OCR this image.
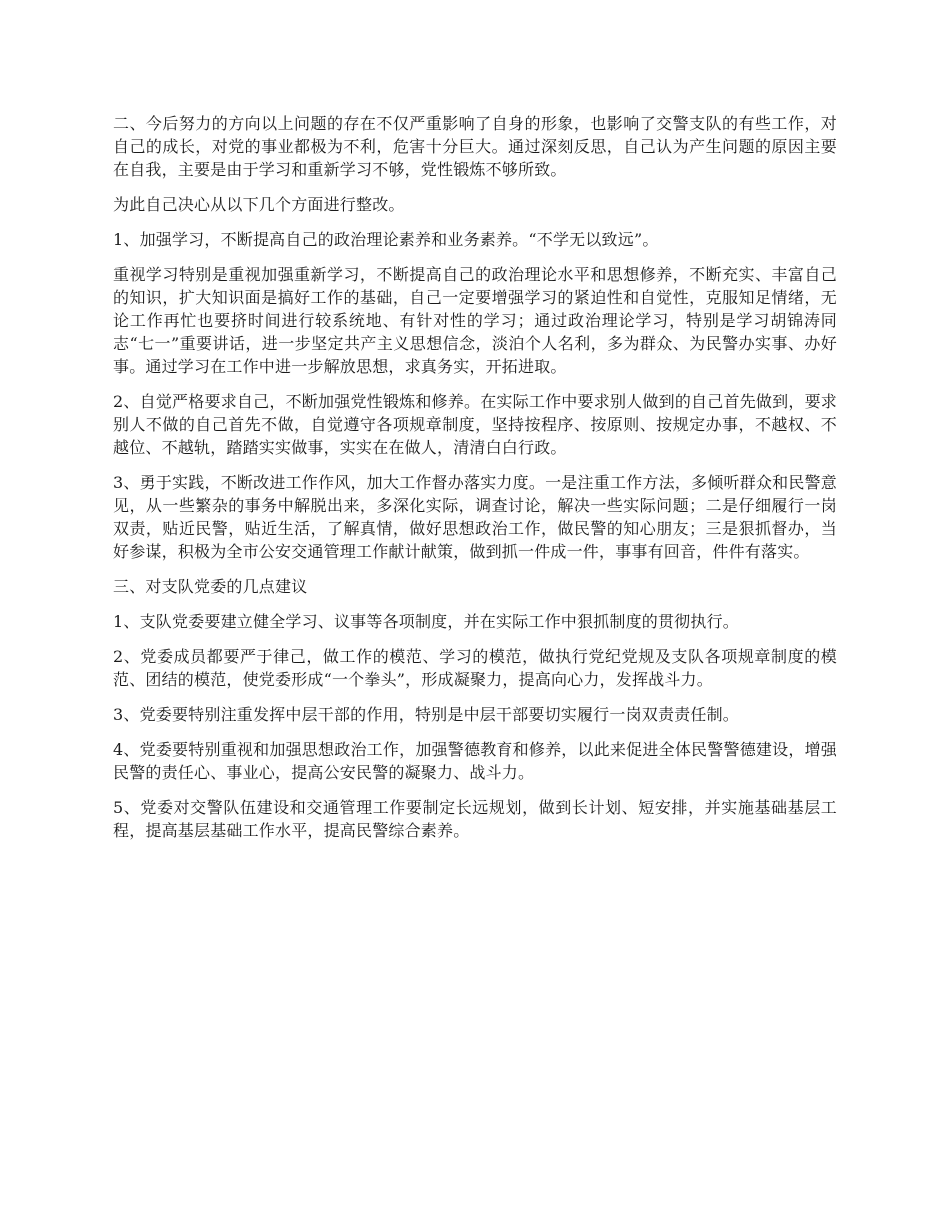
二、今后努力的方向以上问题的存在不仅严重影响了自身的形象，也影响了交警支队的有些工作，对自己的成长，对党的事业都极为不利，危害十分巨大。通过深刻反思，自己认为产生问题的原因主要在自我，主要是由于学习和重新学习不够，党性锻炼不够所致。

为此自己决心从以下几个方面进行整改。

1、加强学习，不断提高自己的政治理论素养和业务素养。“不学无以致远”。

重视学习特别是重视加强重新学习，不断提高自己的政治理论水平和思想修养，不断充实、丰富自己的知识，扩大知识面是搞好工作的基础，自己一定要增强学习的紧迫性和自觉性，克服知足情绪，无论工作再忙也要挤时间进行较系统地、有针对性的学习；通过政治理论学习，特别是学习胡锦涛同志“七一”重要讲话，进一步坚定共产主义思想信念，淡泊个人名利，多为群众、为民警办实事、办好事。通过学习在工作中进一步解放思想，求真务实，开拓进取。

2、自觉严格要求自己，不断加强党性锻炼和修养。在实际工作中要求别人做到的自己首先做到，要求别人不做的自己首先不做，自觉遵守各项规章制度，坚持按程序、按原则、按规定办事，不越权、不越位、不越轨，踏踏实实做事，实实在在做人，清清白白行政。

3、勇于实践，不断改进工作作风，加大工作督办落实力度。一是注重工作方法，多倾听群众和民警意见，从一些繁杂的事务中解脱出来，多深化实际，调查讨论，解决一些实际问题；二是仔细履行一岗双责，贴近民警，贴近生活，了解真情，做好思想政治工作，做民警的知心朋友；三是狠抓督办，当好参谋，积极为全市公安交通管理工作献计献策，做到抓一件成一件，事事有回音，件件有落实。

三、对支队党委的几点建议

1、支队党委要建立健全学习、议事等各项制度，并在实际工作中狠抓制度的贯彻执行。

2、党委成员都要严于律己，做工作的模范、学习的模范，做执行党纪党规及支队各项规章制度的模范、团结的模范，使党委形成“一个拳头”，形成凝聚力，提高向心力，发挥战斗力。

3、党委要特别注重发挥中层干部的作用，特别是中层干部要切实履行一岗双责责任制。

4、党委要特别重视和加强思想政治工作，加强警德教育和修养，以此来促进全体民警警德建设，增强民警的责任心、事业心，提高公安民警的凝聚力、战斗力。

5、党委对交警队伍建设和交通管理工作要制定长远规划，做到长计划、短安排，并实施基础基层工程，提高基层基础工作水平，提高民警综合素养。
